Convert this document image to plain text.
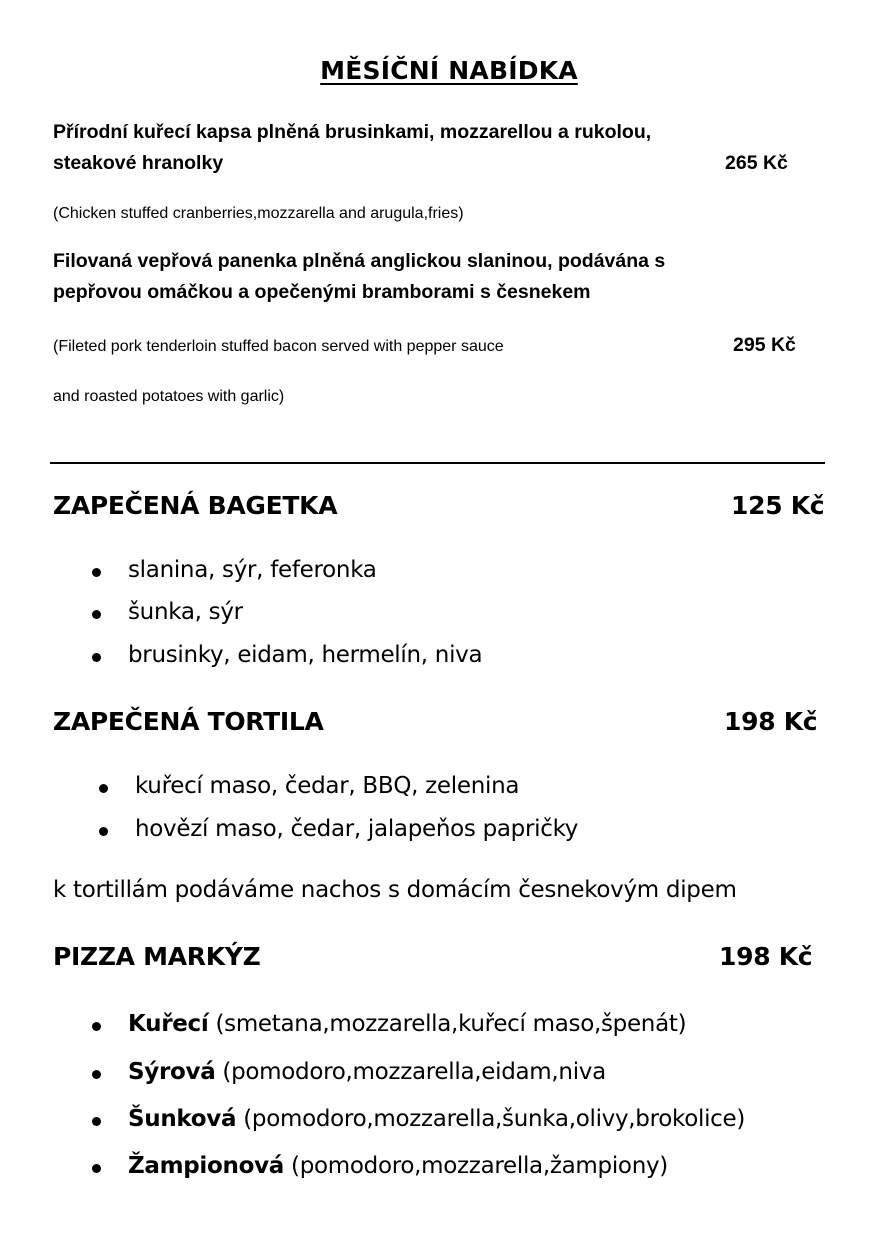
MĚSÍČNÍ NABÍDKA
Přírodní kuřecí kapsa plněná brusinkami, mozzarellou a rukolou,
steakové hranolky	265 Kč
(Chicken stuffed cranberries,mozzarella and arugula,fries)
Filovaná vepřová panenka plněná anglickou slaninou, podávána s
pepřovou omáčkou a opečenými bramborami s česnekem
(Fileted pork tenderloin stuffed bacon served with pepper sauce	295 Kč
and roasted potatoes with garlic)
ZAPEČENÁ BAGETKA	125 Kč
slanina, sýr, feferonka
šunka, sýr
brusinky, eidam, hermelín, niva
ZAPEČENÁ TORTILA	198 Kč
kuřecí maso, čedar, BBQ, zelenina
hovězí maso, čedar, jalapeňos papričky
k tortillám podáváme nachos s domácím česnekovým dipem
PIZZA MARKÝZ	198 Kč
Kuřecí (smetana,mozzarella,kuřecí maso,špenát)
Sýrová (pomodoro,mozzarella,eidam,niva
Šunková (pomodoro,mozzarella,šunka,olivy,brokolice)
Žampionová (pomodoro,mozzarella,žampiony)
